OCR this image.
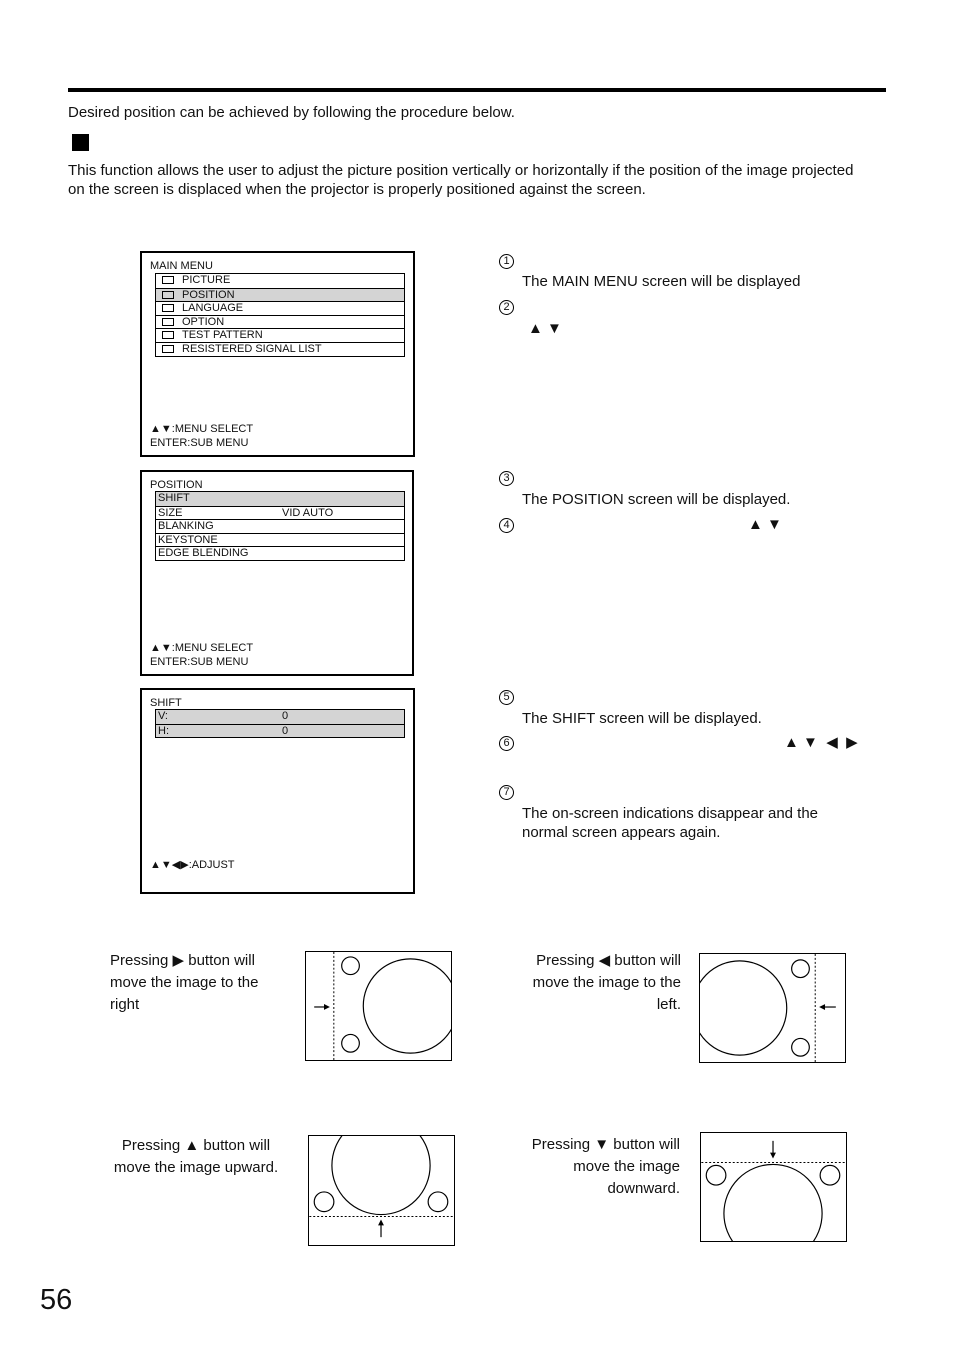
Desired position can be achieved by following the procedure below.
This function allows the user to adjust the picture position vertically or horizontally if the position of the image projected on the screen is displaced when the projector is properly positioned against the screen.
MAIN MENU
PICTURE
POSITION
LANGUAGE
OPTION
TEST PATTERN
RESISTERED SIGNAL LIST
▲▼:MENU SELECT
ENTER:SUB MENU
POSITION
SHIFT
SIZE	VID AUTO
BLANKING
KEYSTONE
EDGE BLENDING
▲▼:MENU SELECT
ENTER:SUB MENU
SHIFT
V:	0
H:	0
▲▼◀▶:ADJUST
1
The MAIN MENU screen will be displayed
2
▲ ▼
3
The POSITION screen will be displayed.
4	▲ ▼
5
The SHIFT screen will be displayed.
6	▲ ▼  ◀  ▶
7
The on-screen indications disappear and the normal screen appears again.
Pressing ▶ button will
move the image to the
right
Pressing ◀ button will
move the image to the
left.
Pressing ▲ button will
move the image upward.
Pressing ▼ button will
move the image
downward.
56
